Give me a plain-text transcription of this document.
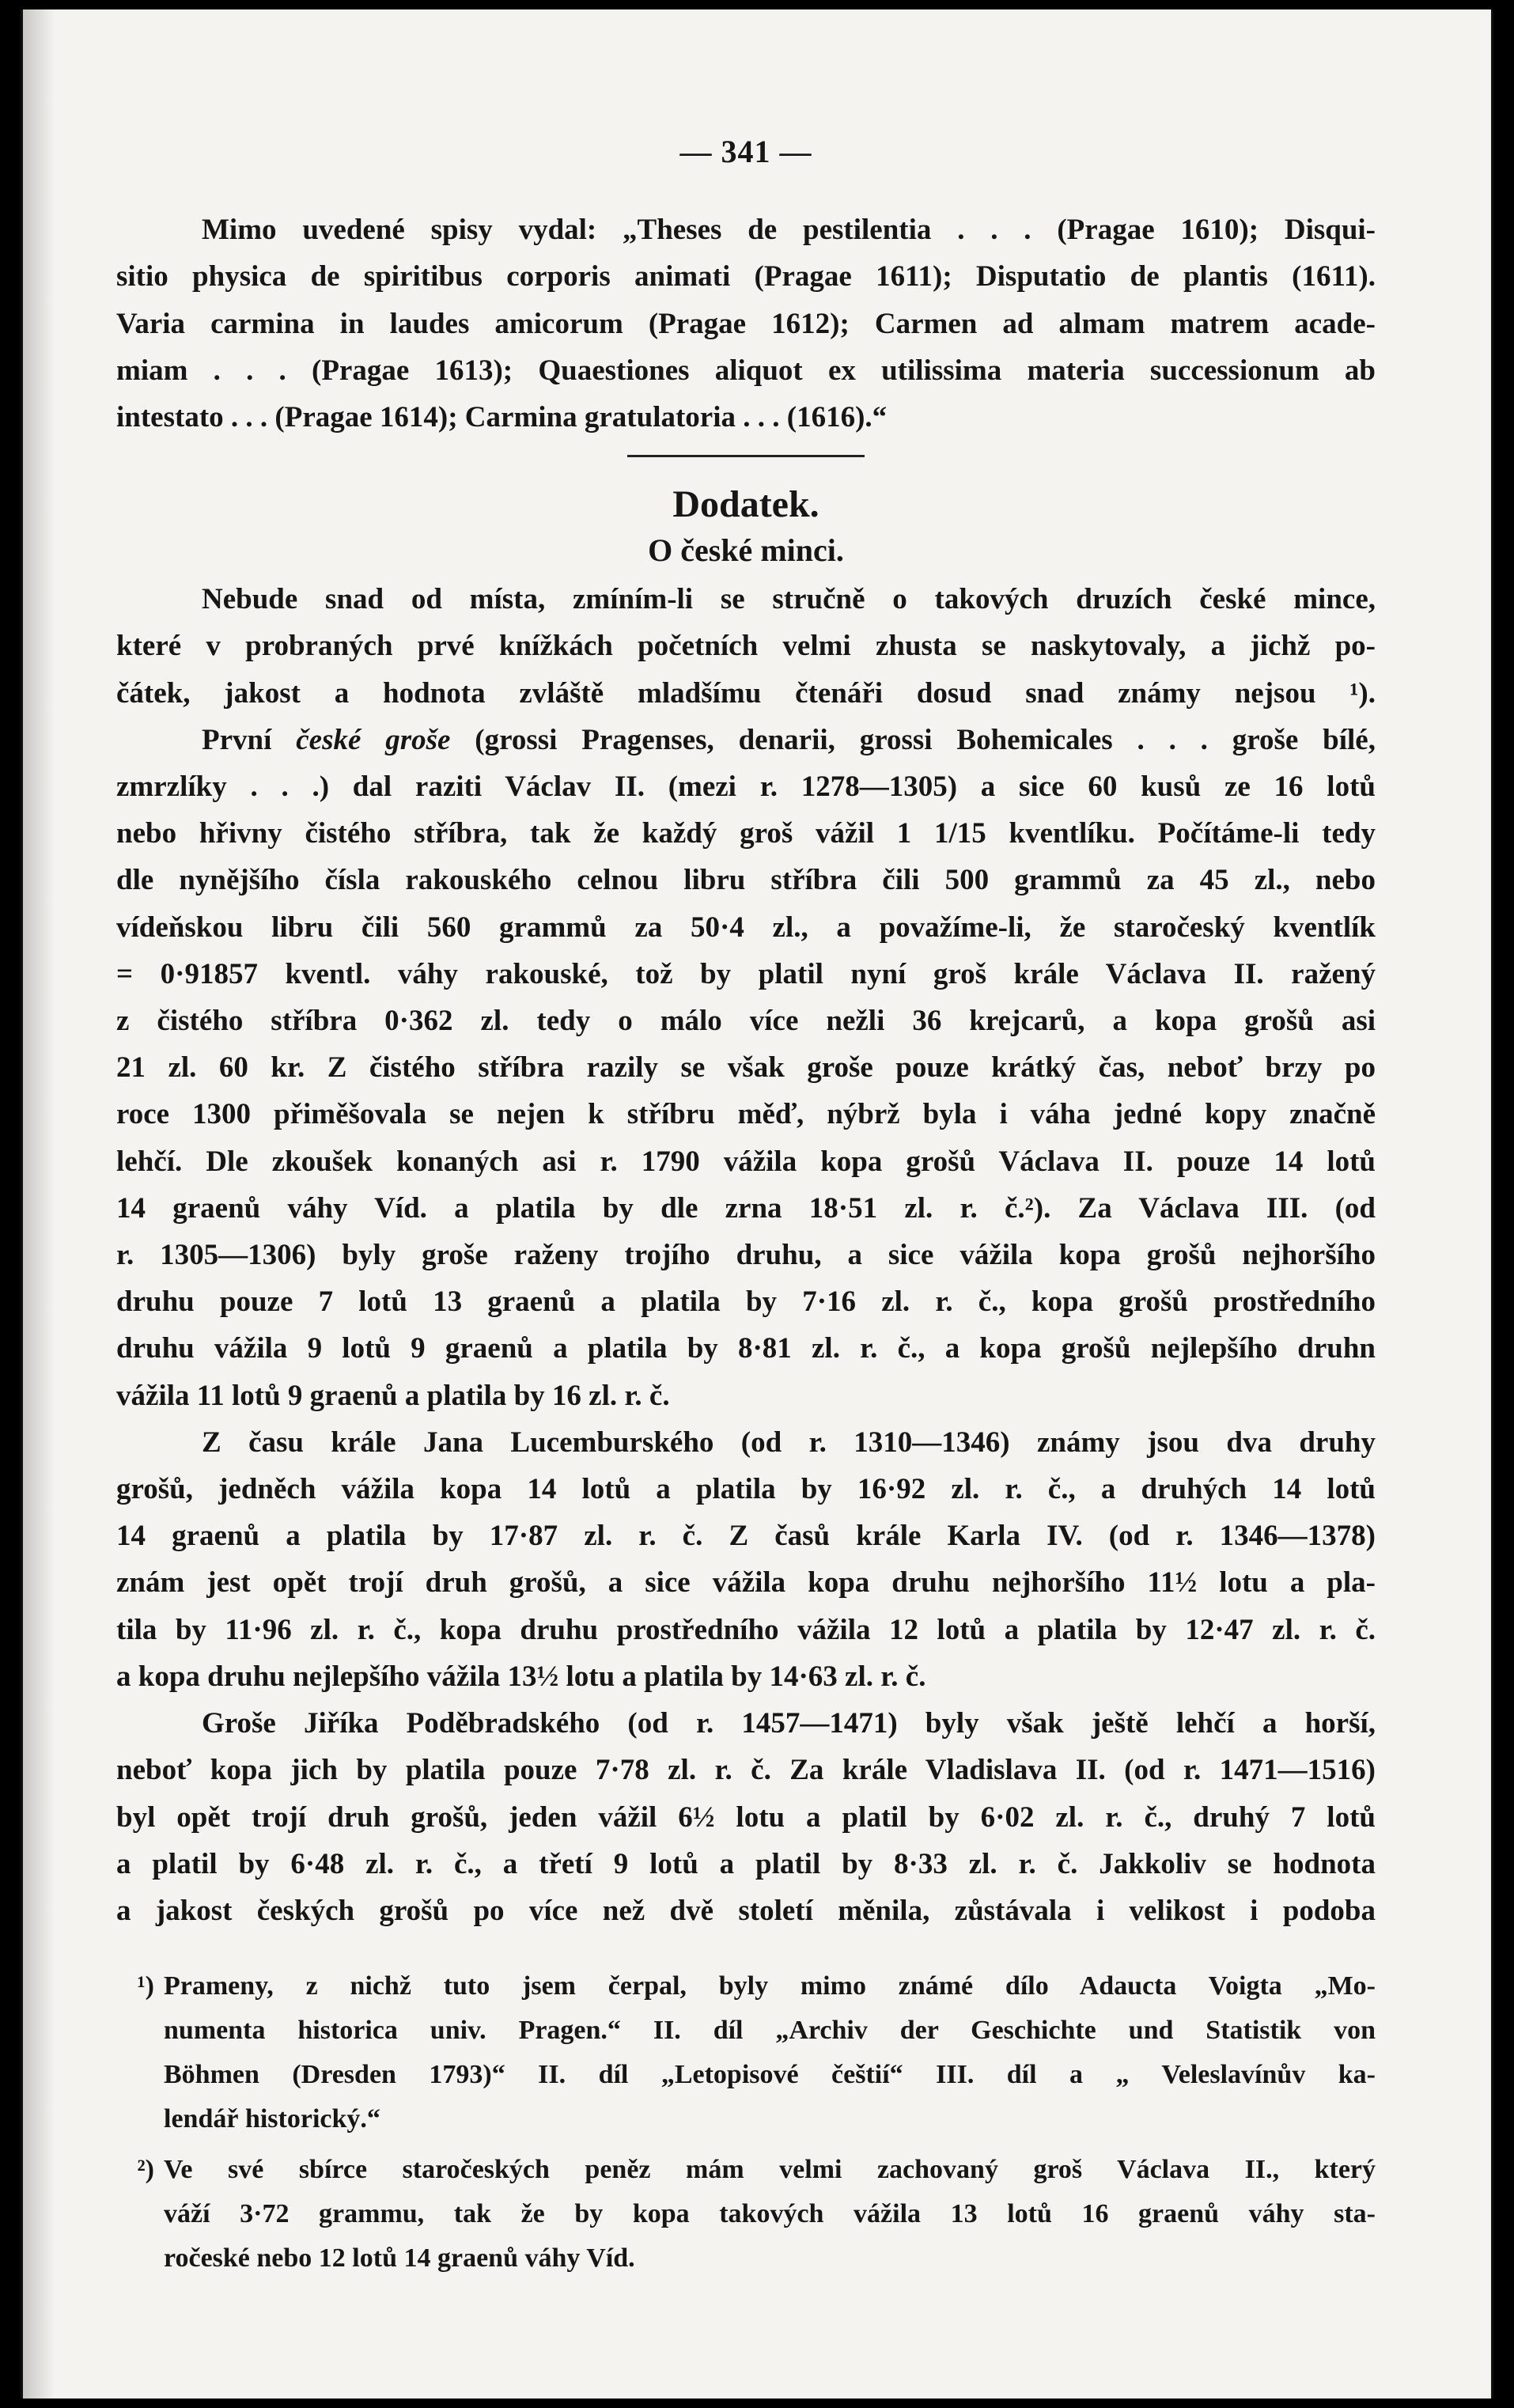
— 341 —
Mimo uvedené spisy vydal: „Theses de pestilentia . . . (Pragae 1610); Disqui-
sitio physica de spiritibus corporis animati (Pragae 1611); Disputatio de plantis (1611).
Varia carmina in laudes amicorum (Pragae 1612); Carmen ad almam matrem acade-
miam . . . (Pragae 1613); Quaestiones aliquot ex utilissima materia successionum ab
intestato . . . (Pragae 1614); Carmina gratulatoria . . . (1616).“
Dodatek.
O české minci.
Nebude snad od místa, zmíním-li se stručně o takových druzích české mince,
které v probraných prvé knížkách početních velmi zhusta se naskytovaly, a jichž po-
čátek, jakost a hodnota zvláště mladšímu čtenáři dosud snad známy nejsou ¹).
První české groše (grossi Pragenses, denarii, grossi Bohemicales . . . groše bílé,
zmrzlíky . . .) dal raziti Václav II. (mezi r. 1278—1305) a sice 60 kusů ze 16 lotů
nebo hřivny čistého stříbra, tak že každý groš vážil 1 1/15 kventlíku. Počítáme-li tedy
dle nynějšího čísla rakouského celnou libru stříbra čili 500 grammů za 45 zl., nebo
vídeňskou libru čili 560 grammů za 50·4 zl., a považíme-li, že staročeský kventlík
= 0·91857 kventl. váhy rakouské, tož by platil nyní groš krále Václava II. ražený
z čistého stříbra 0·362 zl. tedy o málo více nežli 36 krejcarů, a kopa grošů asi
21 zl. 60 kr. Z čistého stříbra razily se však groše pouze krátký čas, neboť brzy po
roce 1300 přiměšovala se nejen k stříbru měď, nýbrž byla i váha jedné kopy značně
lehčí. Dle zkoušek konaných asi r. 1790 vážila kopa grošů Václava II. pouze 14 lotů
14 graenů váhy Víd. a platila by dle zrna 18·51 zl. r. č.²). Za Václava III. (od
r. 1305—1306) byly groše raženy trojího druhu, a sice vážila kopa grošů nejhoršího
druhu pouze 7 lotů 13 graenů a platila by 7·16 zl. r. č., kopa grošů prostředního
druhu vážila 9 lotů 9 graenů a platila by 8·81 zl. r. č., a kopa grošů nejlepšího druhn
vážila 11 lotů 9 graenů a platila by 16 zl. r. č.
Z času krále Jana Lucemburského (od r. 1310—1346) známy jsou dva druhy
grošů, jedněch vážila kopa 14 lotů a platila by 16·92 zl. r. č., a druhých 14 lotů
14 graenů a platila by 17·87 zl. r. č. Z časů krále Karla IV. (od r. 1346—1378)
znám jest opět trojí druh grošů, a sice vážila kopa druhu nejhoršího 11½ lotu a pla-
tila by 11·96 zl. r. č., kopa druhu prostředního vážila 12 lotů a platila by 12·47 zl. r. č.
a kopa druhu nejlepšího vážila 13½ lotu a platila by 14·63 zl. r. č.
Groše Jiříka Poděbradského (od r. 1457—1471) byly však ještě lehčí a horší,
neboť kopa jich by platila pouze 7·78 zl. r. č. Za krále Vladislava II. (od r. 1471—1516)
byl opět trojí druh grošů, jeden vážil 6½ lotu a platil by 6·02 zl. r. č., druhý 7 lotů
a platil by 6·48 zl. r. č., a třetí 9 lotů a platil by 8·33 zl. r. č. Jakkoliv se hodnota
a jakost českých grošů po více než dvě století měnila, zůstávala i velikost i podoba
¹) Prameny, z nichž tuto jsem čerpal, byly mimo známé dílo Adaucta Voigta „Mo-
numenta historica univ. Pragen.“ II. díl „Archiv der Geschichte und Statistik von
Böhmen (Dresden 1793)“ II. díl „Letopisové češtií“ III. díl a „ Veleslavínův ka-
lendář historický.“
²) Ve své sbírce staročeských peněz mám velmi zachovaný groš Václava II., který
váží 3·72 grammu, tak že by kopa takových vážila 13 lotů 16 graenů váhy sta-
ročeské nebo 12 lotů 14 graenů váhy Víd.
